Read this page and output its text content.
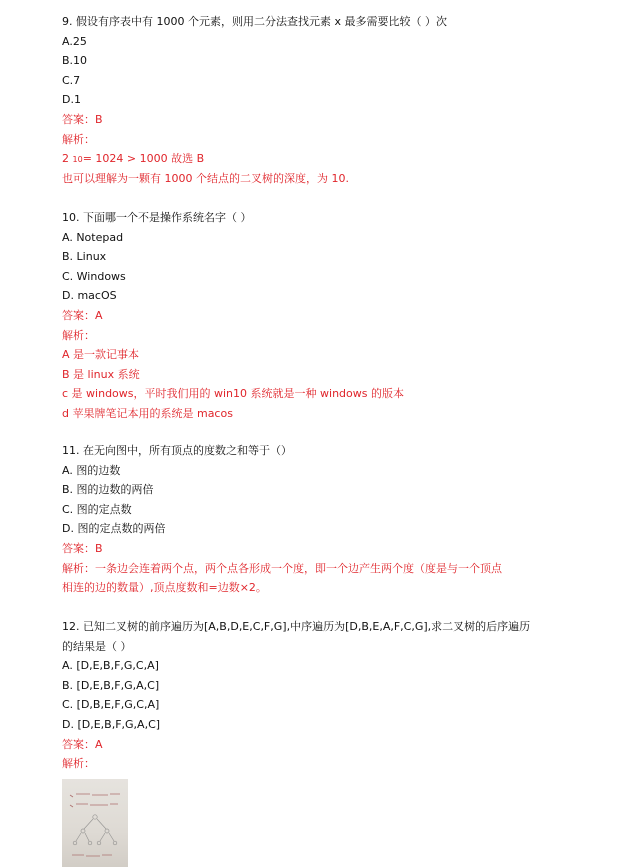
9. 假设有序表中有 1000 个元素，则用二分法查找元素 x 最多需要比较（ ）次
A.25
B.10
C.7
D.1
答案：B
解析：
2 10= 1024 > 1000 故选 B
也可以理解为一颗有 1000 个结点的二叉树的深度，为 10.
10. 下面哪一个不是操作系统名字（ ）
A. Notepad
B. Linux
C. Windows
D. macOS
答案：A
解析：
A 是一款记事本
B 是 linux 系统
c 是 windows，平时我们用的 win10 系统就是一种 windows 的版本
d 苹果牌笔记本用的系统是 macos
11. 在无向图中，所有顶点的度数之和等于（）
A. 图的边数
B. 图的边数的两倍
C. 图的定点数
D. 图的定点数的两倍
答案：B
解析：一条边会连着两个点，两个点各形成一个度，即一个边产生两个度（度是与一个顶点
相连的边的数量）,顶点度数和=边数×2。
12. 已知二叉树的前序遍历为[A,B,D,E,C,F,G],中序遍历为[D,B,E,A,F,C,G],求二叉树的后序遍历
的结果是（ ）
A. [D,E,B,F,G,C,A]
B. [D,E,B,F,G,A,C]
C. [D,B,E,F,G,C,A]
D. [D,E,B,F,G,A,C]
答案：A
解析：
